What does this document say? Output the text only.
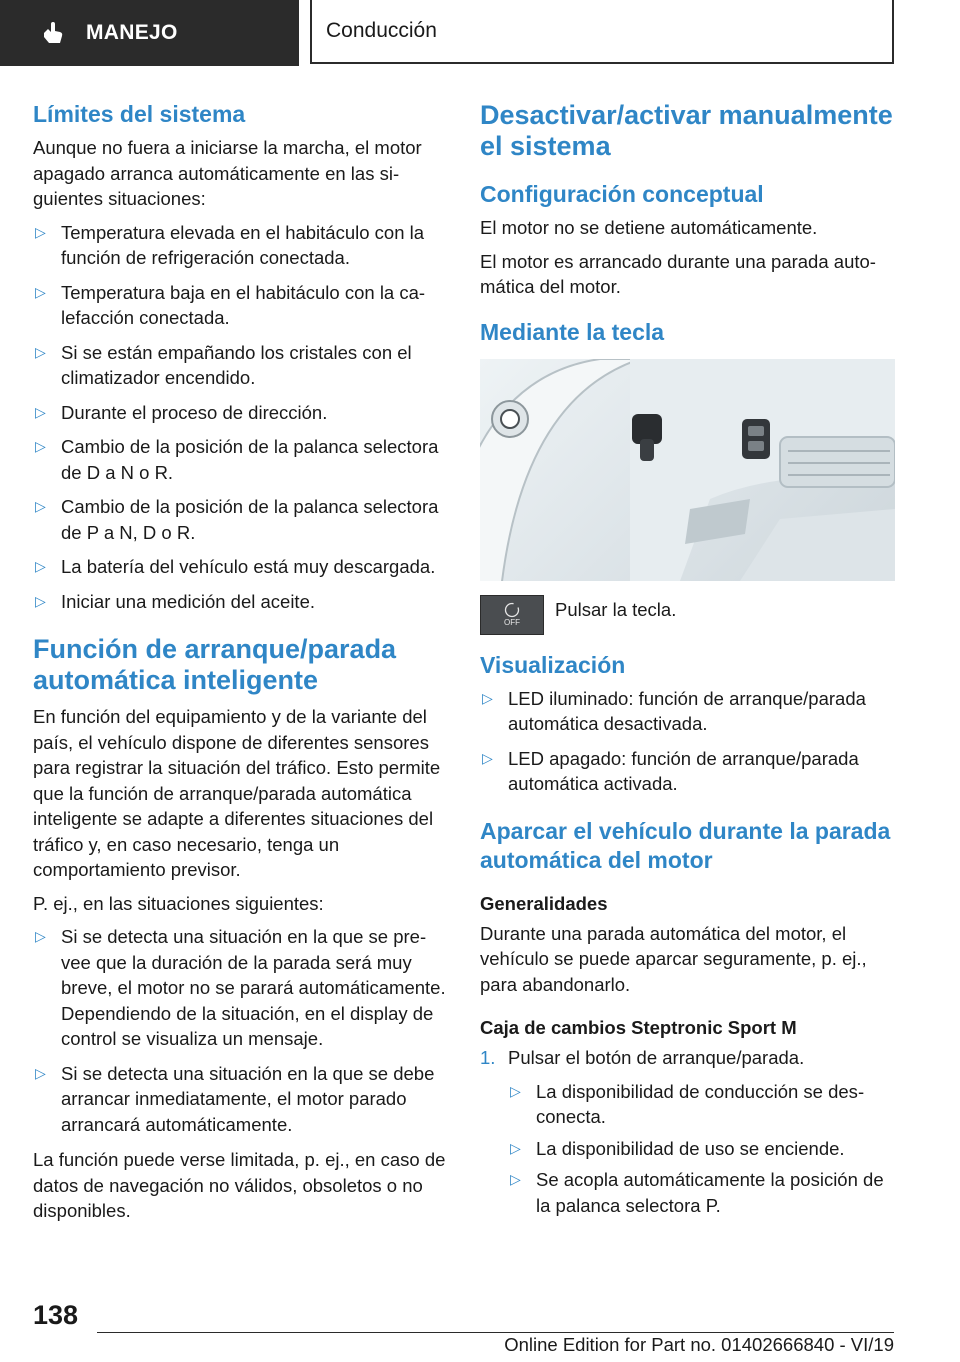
MANEJO	Conducción
Límites del sistema

Aunque no fuera a iniciarse la marcha, el motor apagado arranca automáticamente en las siguientes situaciones:

▷ Temperatura elevada en el habitáculo con la función de refrigeración conectada.
▷ Temperatura baja en el habitáculo con la calefacción conectada.
▷ Si se están empañando los cristales con el climatizador encendido.
▷ Durante el proceso de dirección.
▷ Cambio de la posición de la palanca selectora de D a N o R.
▷ Cambio de la posición de la palanca selectora de P a N, D o R.
▷ La batería del vehículo está muy descargada.
▷ Iniciar una medición del aceite.
Función de arranque/parada automática inteligente

En función del equipamiento y de la variante del país, el vehículo dispone de diferentes sensores para registrar la situación del tráfico. Esto permite que la función de arranque/parada automática inteligente se adapte a diferentes situaciones del tráfico y, en caso necesario, tenga un comportamiento previsor.

P. ej., en las situaciones siguientes:

▷ Si se detecta una situación en la que se prevee que la duración de la parada será muy breve, el motor no se parará automáticamente. Dependiendo de la situación, en el display de control se visualiza un mensaje.
▷ Si se detecta una situación en la que se debe arrancar inmediatamente, el motor parado arrancará automáticamente.

La función puede verse limitada, p. ej., en caso de datos de navegación no válidos, obsoletos o no disponibles.

Desactivar/activar manualmente el sistema
Configuración conceptual

El motor no se detiene automáticamente.

El motor es arrancado durante una parada automática del motor.

Mediante la tecla
OFF
Pulsar la tecla.
Visualización
▷ LED iluminado: función de arranque/parada automática desactivada.
▷ LED apagado: función de arranque/parada automática activada.
Aparcar el vehículo durante la parada automática del motor
Generalidades

Durante una parada automática del motor, el vehículo se puede aparcar seguramente, p. ej., para abandonarlo.

Caja de cambios Steptronic Sport M
1. Pulsar el botón de arranque/parada.
▷ La disponibilidad de conducción se desconecta.
▷ La disponibilidad de uso se enciende.
▷ Se acopla automáticamente la posición de la palanca selectora P.
138
Online Edition for Part no. 01402666840 - VI/19
